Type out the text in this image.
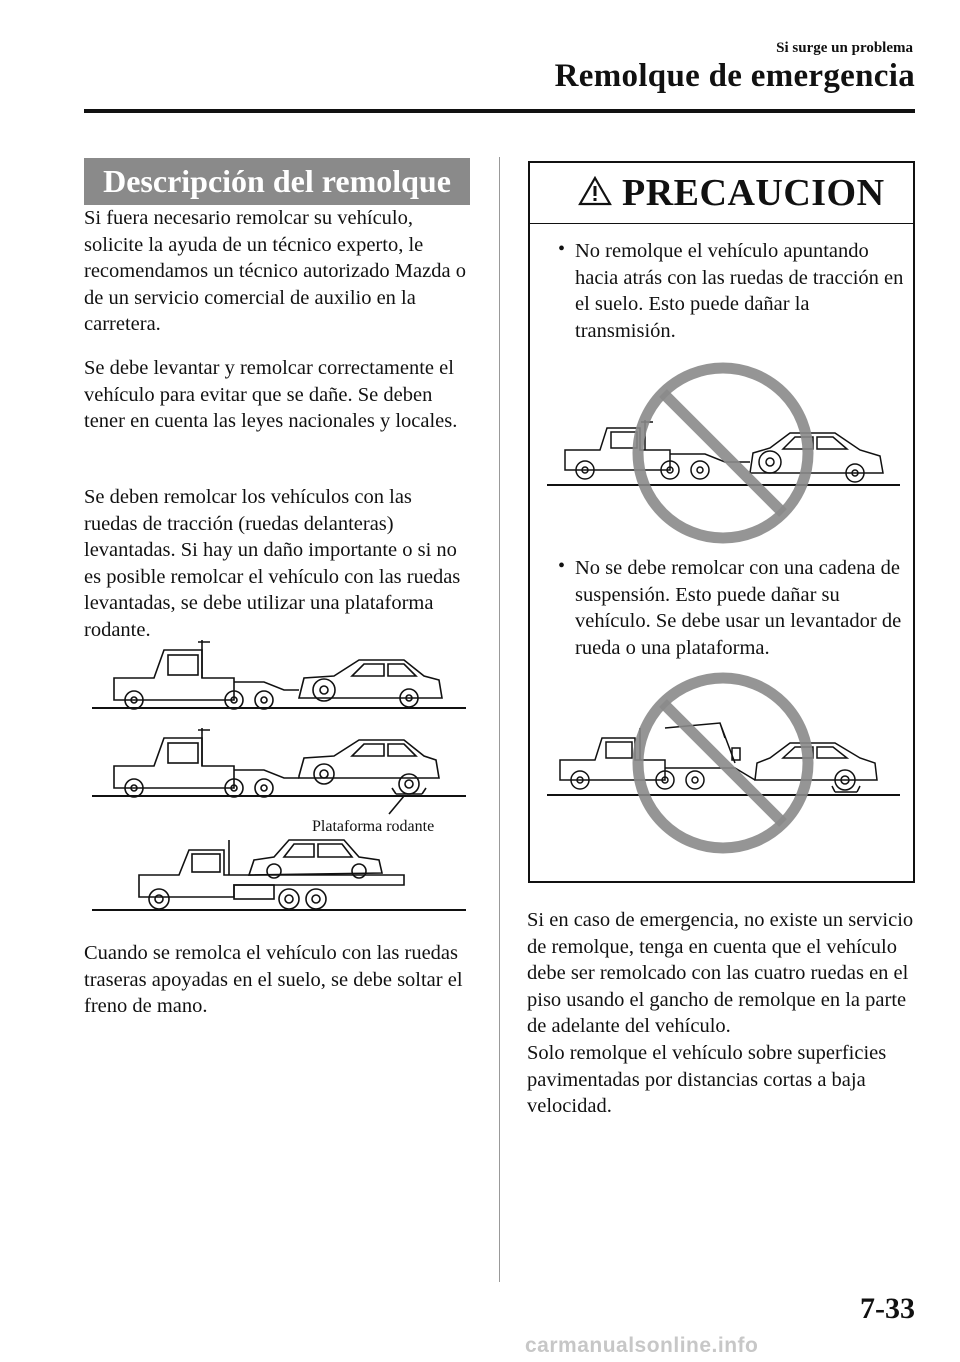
Si surge un problema
Remolque de emergencia
Descripción del remolque

Si fuera necesario remolcar su vehículo, solicite la ayuda de un técnico experto, le recomendamos un técnico autorizado Mazda o de un servicio comercial de auxilio en la carretera.

Se debe levantar y remolcar correctamente el vehículo para evitar que se dañe. Se deben tener en cuenta las leyes nacionales y locales.

Se deben remolcar los vehículos con las ruedas de tracción (ruedas delanteras) levantadas. Si hay un daño importante o si no es posible remolcar el vehículo con las ruedas levantadas, se debe utilizar una plataforma rodante.

Plataforma rodante

Cuando se remolca el vehículo con las ruedas traseras apoyadas en el suelo, se debe soltar el freno de mano.

PRECAUCION
• No remolque el vehículo apuntando hacia atrás con las ruedas de tracción en el suelo. Esto puede dañar la transmisión.
• No se debe remolcar con una cadena de suspensión. Esto puede dañar su vehículo. Se debe usar un levantador de rueda o una plataforma.

Si en caso de emergencia, no existe un servicio de remolque, tenga en cuenta que el vehículo debe ser remolcado con las cuatro ruedas en el piso usando el gancho de remolque en la parte de adelante del vehículo.
Solo remolque el vehículo sobre superficies pavimentadas por distancias cortas a baja velocidad.

7-33
carmanualsonline.info
